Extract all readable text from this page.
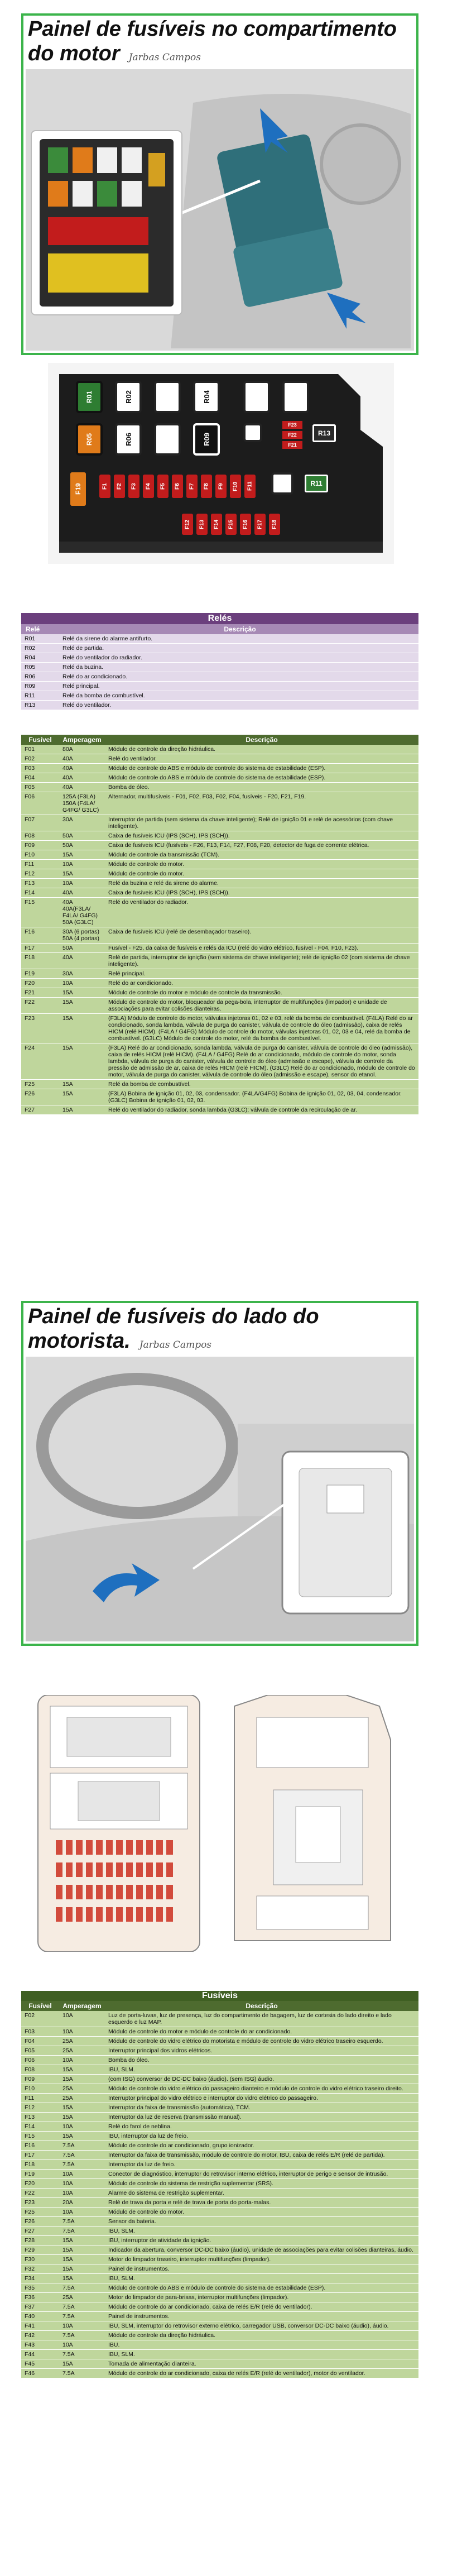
Painel de fusíveis no compartimento
do motor Jarbas Campos
R01	R02	R04
R05	R06	R09
F23
F22
F21
R13
F19	F1	F2	F3	F4	F5	F6	F7	F8	F9	F10	F11	R11
F12	F13	F14	F15	F16	F17	F18
Relés	
Relé	Descrição
R01	Relé da sirene do alarme antifurto.
R02	Relé de partida.
R04	Relé do ventilador do radiador.
R05	Relé da buzina.
R06	Relé do ar condicionado.
R09	Relé principal.
R11	Relé da bomba de combustível.
R13	Relé do ventilador.
Fusível	Amperagem	Descrição
F01	80A	Módulo de controle da direção hidráulica.
F02	40A	Relé do ventilador.
F03	40A	Módulo de controle do ABS e módulo de controle do sistema de estabilidade (ESP).
F04	40A	Módulo de controle do ABS e módulo de controle do sistema de estabilidade (ESP).
F05	40A	Bomba de óleo.
F06	125A (F3LA) 150A (F4LA/ G4FG/ G3LC)	Alternador, multifusíveis - F01, F02, F03, F02, F04, fusíveis - F20, F21, F19.
F07	30A	Interruptor de partida (sem sistema da chave inteligente); Relé de ignição 01 e relé de acessórios (com chave inteligente).
F08	50A	Caixa de fusíveis ICU (IPS (SCH), IPS (SCH)).
F09	50A	Caixa de fusíveis ICU (fusíveis - F26, F13, F14, F27, F08, F20, detector de fuga de corrente elétrica.
F10	15A	Módulo de controle da transmissão (TCM).
F11	10A	Módulo de controle do motor.
F12	15A	Módulo de controle do motor.
F13	10A	Relé da buzina e relé da sirene do alarme.
F14	40A	Caixa de fusíveis ICU (IPS (SCH), IPS (SCH)).
F15	40A 40A(F3LA/ F4LA/ G4FG) 50A (G3LC)	Relé do ventilador do radiador.
F16	30A (6 portas) 50A (4 portas)	Caixa de fusíveis ICU (relé de desembaçador traseiro).
F17	50A	Fusível - F25, da caixa de fusíveis e relés da ICU (relé do vidro elétrico, fusível - F04, F10, F23).
F18	40A	Relé de partida, interruptor de ignição (sem sistema de chave inteligente); relé de ignição 02 (com sistema de chave inteligente).
F19	30A	Relé principal.
F20	10A	Relé do ar condicionado.
F21	15A	Módulo de controle do motor e módulo de controle da transmissão.
F22	15A	Módulo de controle do motor, bloqueador da pega-bola, interruptor de multifunções (limpador) e unidade de associações para evitar colisões dianteiras.
F23	15A	(F3LA) Módulo de controle do motor, válvulas injetoras 01, 02 e 03, relé da bomba de combustível. (F4LA) Relé do ar condicionado, sonda lambda, válvula de purga do canister, válvula de controle do óleo (admissão), caixa de relés HICM (relé HICM). (F4LA / G4FG) Módulo de controle do motor, válvulas injetoras 01, 02, 03 e 04, relé da bomba de combustível. (G3LC) Módulo de controle do motor, relé da bomba de combustível.
F24	15A	(F3LA) Relé do ar condicionado, sonda lambda, válvula de purga do canister, válvula de controle do óleo (admissão), caixa de relés HICM (relé HICM). (F4LA / G4FG) Relé do ar condicionado, módulo de controle do motor, sonda lambda, válvula de purga do canister, válvula de controle do óleo (admissão e escape), válvula de controle da pressão de admissão de ar, caixa de relés HICM (relé HICM). (G3LC) Relé do ar condicionado, módulo de controle do motor, válvula de purga do canister, válvula de controle do óleo (admissão e escape), sensor do etanol.
F25	15A	Relé da bomba de combustível.
F26	15A	(F3LA) Bobina de ignição 01, 02, 03, condensador. (F4LA/G4FG) Bobina de ignição 01, 02, 03, 04, condensador. (G3LC) Bobina de ignição 01, 02, 03.
F27	15A	Relé do ventilador do radiador, sonda lambda (G3LC); válvula de controle da recirculação de ar.
Painel de fusíveis do lado do
motorista. Jarbas Campos
Fusíveis		
Fusível	Amperagem	Descrição
F02	10A	Luz de porta-luvas, luz de presença, luz do compartimento de bagagem, luz de cortesia do lado direito e lado esquerdo e luz MAP.
F03	10A	Módulo de controle do motor e módulo de controle do ar condicionado.
F04	25A	Módulo de controle do vidro elétrico do motorista e módulo de controle do vidro elétrico traseiro esquerdo.
F05	25A	Interruptor principal dos vidros elétricos.
F06	10A	Bomba do óleo.
F08	15A	IBU, SLM.
F09	15A	(com ISG) conversor de DC-DC baixo (áudio). (sem ISG) áudio.
F10	25A	Módulo de controle do vidro elétrico do passageiro dianteiro e módulo de controle do vidro elétrico traseiro direito.
F11	25A	Interruptor principal do vidro elétrico e interruptor do vidro elétrico do passageiro.
F12	15A	Interruptor da faixa de transmissão (automática), TCM.
F13	15A	Interruptor da luz de reserva (transmissão manual).
F14	10A	Relé do farol de neblina.
F15	15A	IBU, interruptor da luz de freio.
F16	7.5A	Módulo de controle do ar condicionado, grupo ionizador.
F17	7.5A	Interruptor da faixa de transmissão, módulo de controle do motor, IBU, caixa de relés E/R (relé de partida).
F18	7.5A	Interruptor da luz de freio.
F19	10A	Conector de diagnóstico, interruptor do retrovisor interno elétrico, interruptor de perigo e sensor de intrusão.
F20	10A	Módulo de controle do sistema de restrição suplementar (SRS).
F22	10A	Alarme do sistema de restrição suplementar.
F23	20A	Relé de trava da porta e relé de trava de porta do porta-malas.
F25	10A	Módulo de controle do motor.
F26	7.5A	Sensor da bateria.
F27	7.5A	IBU, SLM.
F28	15A	IBU, interruptor de atividade da ignição.
F29	15A	Indicador da abertura, conversor DC-DC baixo (áudio), unidade de associações para evitar colisões dianteiras, áudio.
F30	15A	Motor do limpador traseiro, interruptor multifunções (limpador).
F32	15A	Painel de instrumentos.
F34	15A	IBU, SLM.
F35	7.5A	Módulo de controle do ABS e módulo de controle do sistema de estabilidade (ESP).
F36	25A	Motor do limpador de para-brisas, interruptor multifunções (limpador).
F37	7.5A	Módulo de controle do ar condicionado, caixa de relés E/R (relé do ventilador).
F40	7.5A	Painel de instrumentos.
F41	10A	IBU, SLM, interruptor do retrovisor externo elétrico, carregador USB, conversor DC-DC baixo (áudio), áudio.
F42	7.5A	Módulo de controle da direção hidráulica.
F43	10A	IBU.
F44	7.5A	IBU, SLM.
F45	15A	Tomada de alimentação dianteira.
F46	7.5A	Módulo de controle do ar condicionado, caixa de relés E/R (relé do ventilador), motor do ventilador.
